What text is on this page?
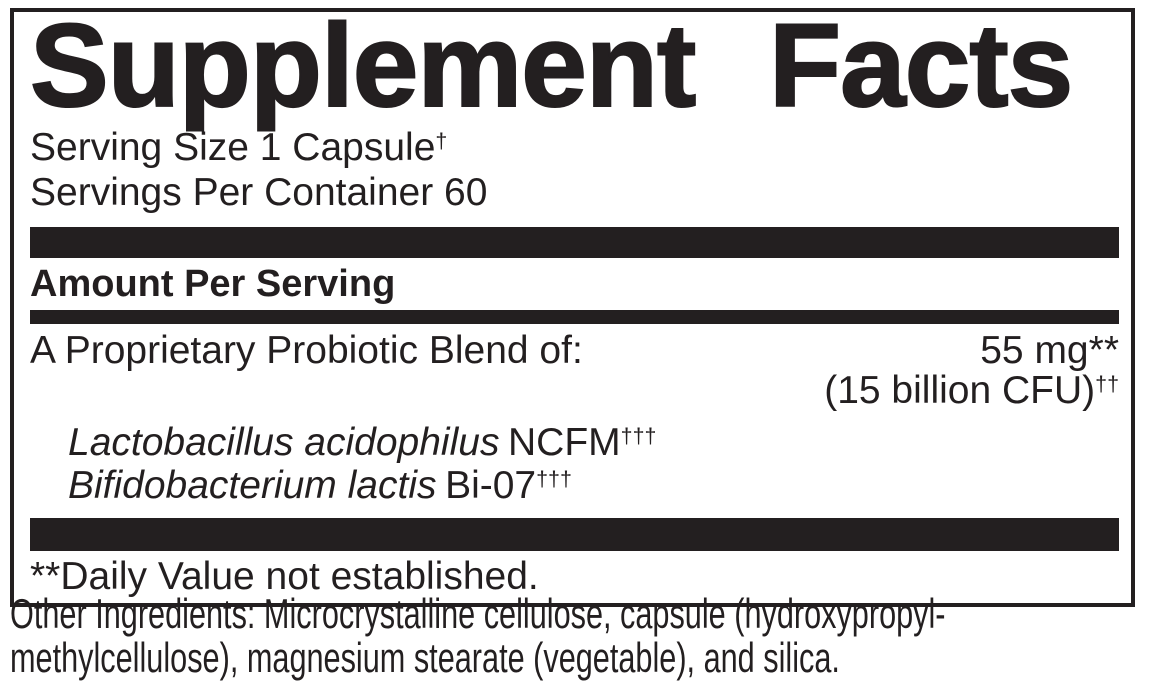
Supplement Facts
Serving Size 1 Capsule†
Servings Per Container 60
Amount Per Serving
A Proprietary Probiotic Blend of:	55 mg**
(15 billion CFU)††
Lactobacillus acidophilus NCFM†††
Bifidobacterium lactis Bi-07†††
**Daily Value not established.
Other Ingredients: Microcrystalline cellulose, capsule (hydroxypropyl-
methylcellulose), magnesium stearate (vegetable), and silica.
